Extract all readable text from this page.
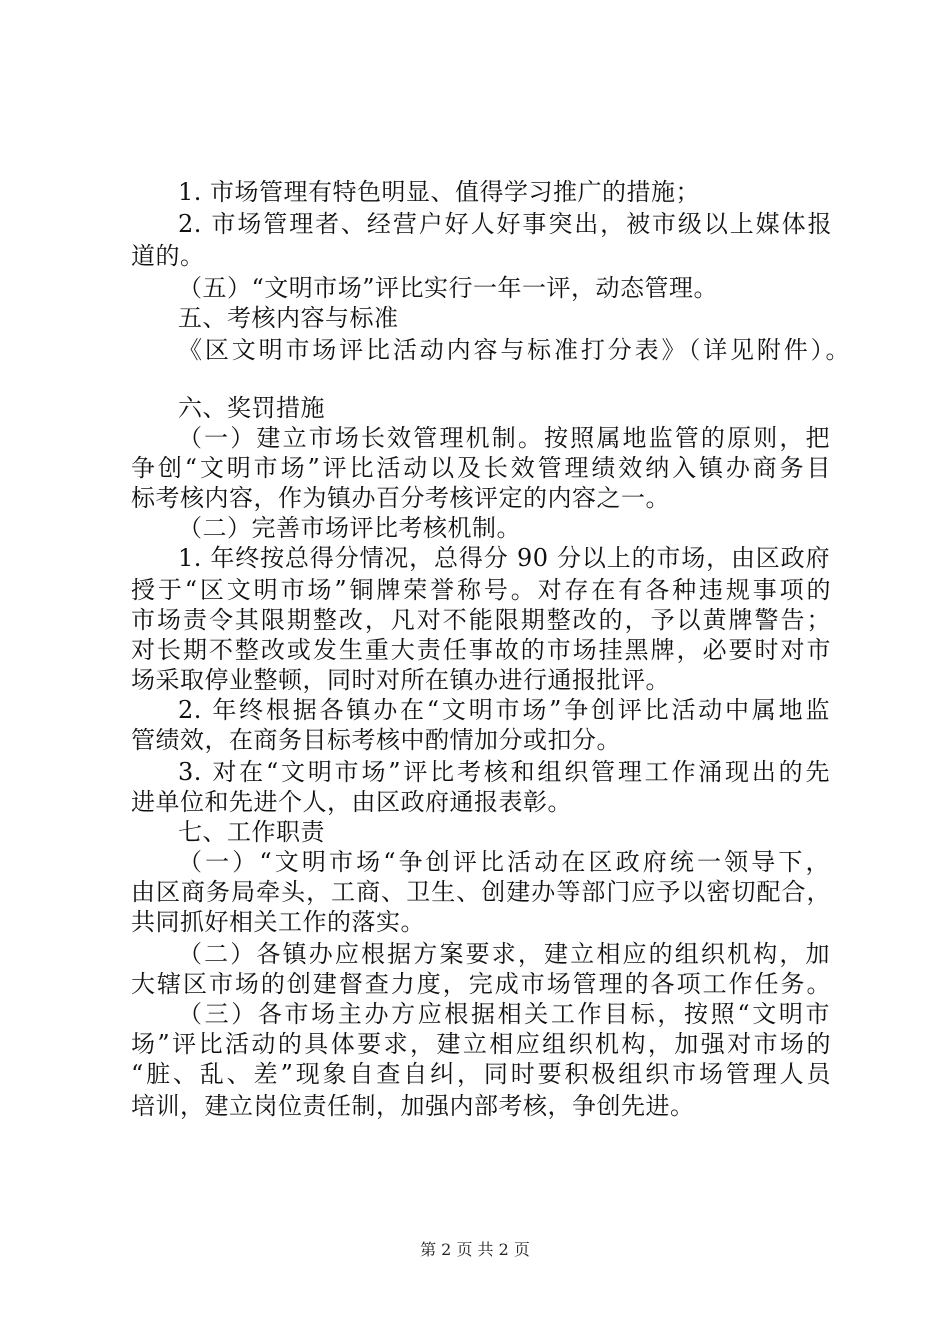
1. 市场管理有特色明显、值得学习推广的措施；
2. 市场管理者、经营户好人好事突出，被市级以上媒体报
道的。
（五）“文明市场”评比实行一年一评，动态管理。
五、考核内容与标准
《区文明市场评比活动内容与标准打分表》（详见附件）。
六、奖罚措施
（一）建立市场长效管理机制。按照属地监管的原则，把
争创“文明市场”评比活动以及长效管理绩效纳入镇办商务目
标考核内容，作为镇办百分考核评定的内容之一。
（二）完善市场评比考核机制。
1. 年终按总得分情况，总得分 90 分以上的市场，由区政府
授于“区文明市场”铜牌荣誉称号。对存在有各种违规事项的
市场责令其限期整改，凡对不能限期整改的，予以黄牌警告；
对长期不整改或发生重大责任事故的市场挂黑牌，必要时对市
场采取停业整顿，同时对所在镇办进行通报批评。
2. 年终根据各镇办在“文明市场”争创评比活动中属地监
管绩效，在商务目标考核中酌情加分或扣分。
3. 对在“文明市场”评比考核和组织管理工作涌现出的先
进单位和先进个人，由区政府通报表彰。
七、工作职责
（一）“文明市场“争创评比活动在区政府统一领导下，
由区商务局牵头，工商、卫生、创建办等部门应予以密切配合，
共同抓好相关工作的落实。
（二）各镇办应根据方案要求，建立相应的组织机构，加
大辖区市场的创建督查力度，完成市场管理的各项工作任务。
（三）各市场主办方应根据相关工作目标，按照“文明市
场”评比活动的具体要求，建立相应组织机构，加强对市场的
“脏、乱、差”现象自查自纠，同时要积极组织市场管理人员
培训，建立岗位责任制，加强内部考核，争创先进。
第 2 页 共 2 页
